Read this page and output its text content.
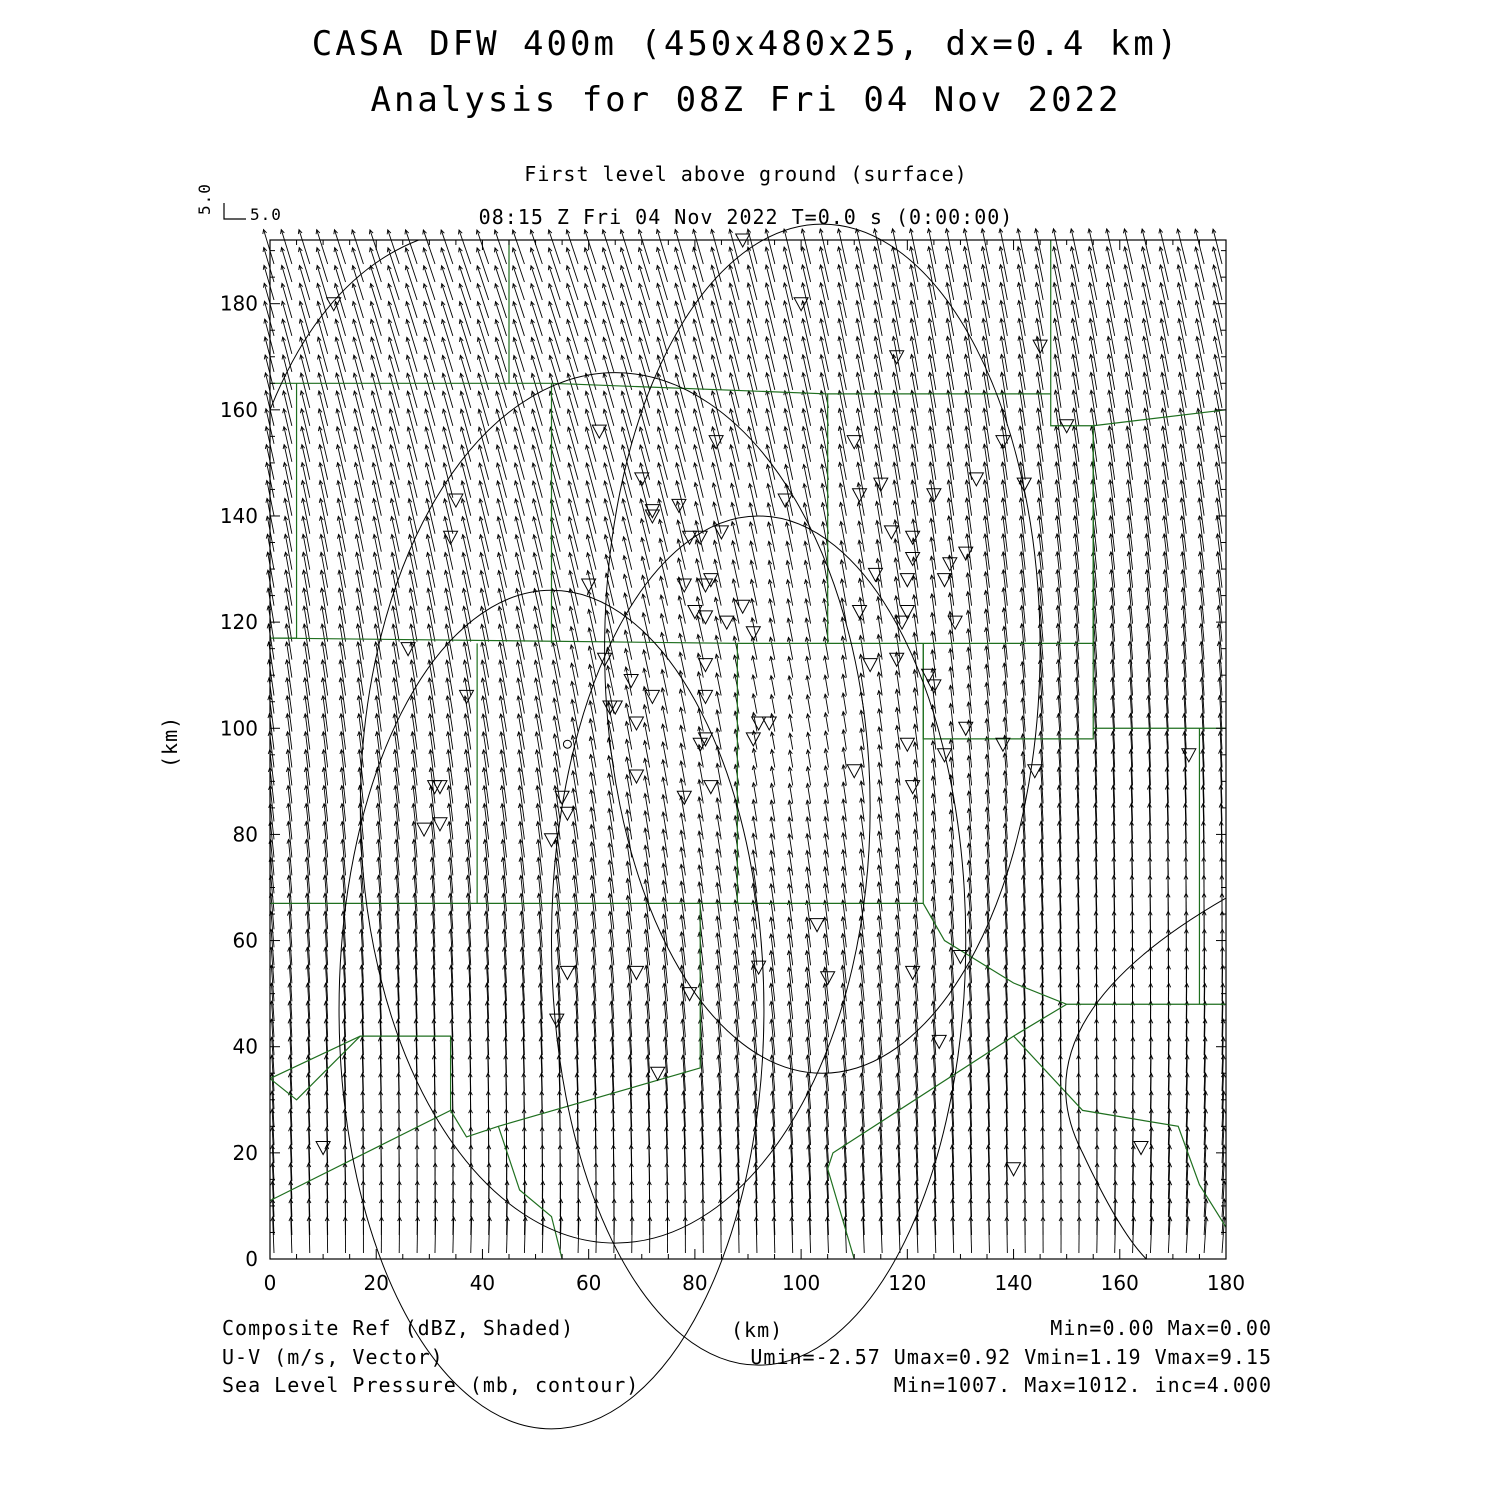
CASA DFW 400m (450x480x25, dx=0.4 km)
Analysis for 08Z Fri 04 Nov 2022
First level above ground (surface)
08:15 Z Fri 04 Nov 2022 T=0.0 s (0:00:00)
5.0
5.0
(km)
(km)
0	20	40	60	80	100	120	140	160	180
0
20
40
60
80
100
120
140
160
180
Composite Ref (dBZ, Shaded)
U-V (m/s, Vector)
Sea Level Pressure (mb, contour)
Min=0.00 Max=0.00
Umin=-2.57 Umax=0.92 Vmin=1.19 Vmax=9.15
Min=1007. Max=1012. inc=4.000
